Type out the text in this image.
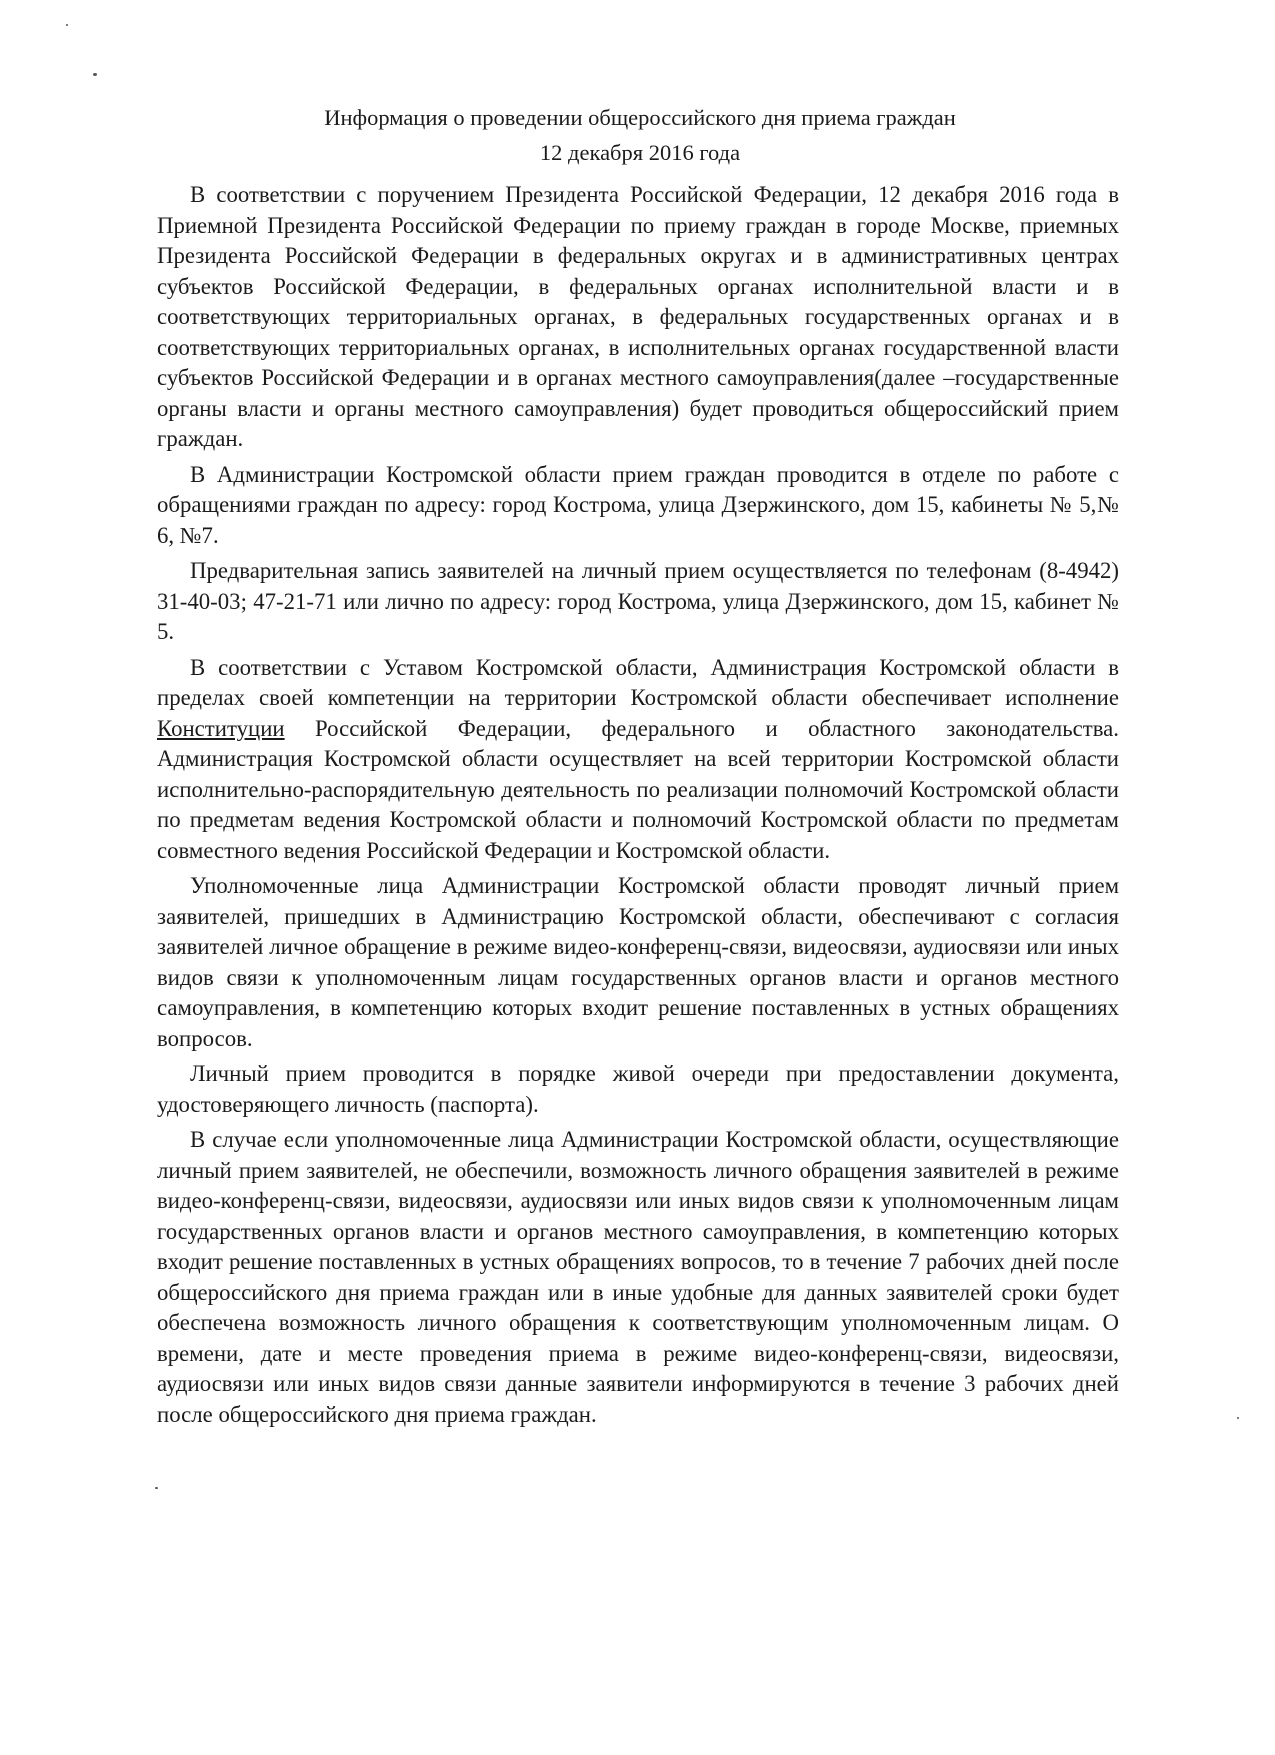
Информация о проведении общероссийского дня приема граждан
12 декабря 2016 года

В соответствии с поручением Президента Российской Федерации, 12 декабря 2016 года в Приемной Президента Российской Федерации по приему граждан в городе Москве, приемных Президента Российской Федерации в федеральных округах и в административных центрах субъектов Российской Федерации, в федеральных органах исполнительной власти и в соответствующих территориальных органах, в федеральных государственных органах и в соответствующих территориальных органах, в исполнительных органах государственной власти субъектов Российской Федерации и в органах местного самоуправления(далее –государственные органы власти и органы местного самоуправления) будет проводиться общероссийский прием граждан.

В Администрации Костромской области прием граждан проводится в отделе по работе с обращениями граждан по адресу: город Кострома, улица Дзержинского, дом 15, кабинеты № 5,№ 6, №7.

Предварительная запись заявителей на личный прием осуществляется по телефонам (8-4942) 31-40-03; 47-21-71 или лично по адресу: город Кострома, улица Дзержинского, дом 15, кабинет № 5.

В соответствии с Уставом Костромской области, Администрация Костромской области в пределах своей компетенции на территории Костромской области обеспечивает исполнение Конституции Российской Федерации, федерального и областного законодательства. Администрация Костромской области осуществляет на всей территории Костромской области исполнительно-распорядительную деятельность по реализации полномочий Костромской области по предметам ведения Костромской области и полномочий Костромской области по предметам совместного ведения Российской Федерации и Костромской области.

Уполномоченные лица Администрации Костромской области проводят личный прием заявителей, пришедших в Администрацию Костромской области, обеспечивают с согласия заявителей личное обращение в режиме видео-конференц-связи, видеосвязи, аудиосвязи или иных видов связи к уполномоченным лицам государственных органов власти и органов местного самоуправления, в компетенцию которых входит решение поставленных в устных обращениях вопросов.

Личный прием проводится в порядке живой очереди при предоставлении документа, удостоверяющего личность (паспорта).

В случае если уполномоченные лица Администрации Костромской области, осуществляющие личный прием заявителей, не обеспечили, возможность личного обращения заявителей в режиме видео-конференц-связи, видеосвязи, аудиосвязи или иных видов связи к уполномоченным лицам государственных органов власти и органов местного самоуправления, в компетенцию которых входит решение поставленных в устных обращениях вопросов, то в течение 7 рабочих дней после общероссийского дня приема граждан или в иные удобные для данных заявителей сроки будет обеспечена возможность личного обращения к соответствующим уполномоченным лицам. О времени, дате и месте проведения приема в режиме видео-конференц-связи, видеосвязи, аудиосвязи или иных видов связи данные заявители информируются в течение 3 рабочих дней после общероссийского дня приема граждан.
